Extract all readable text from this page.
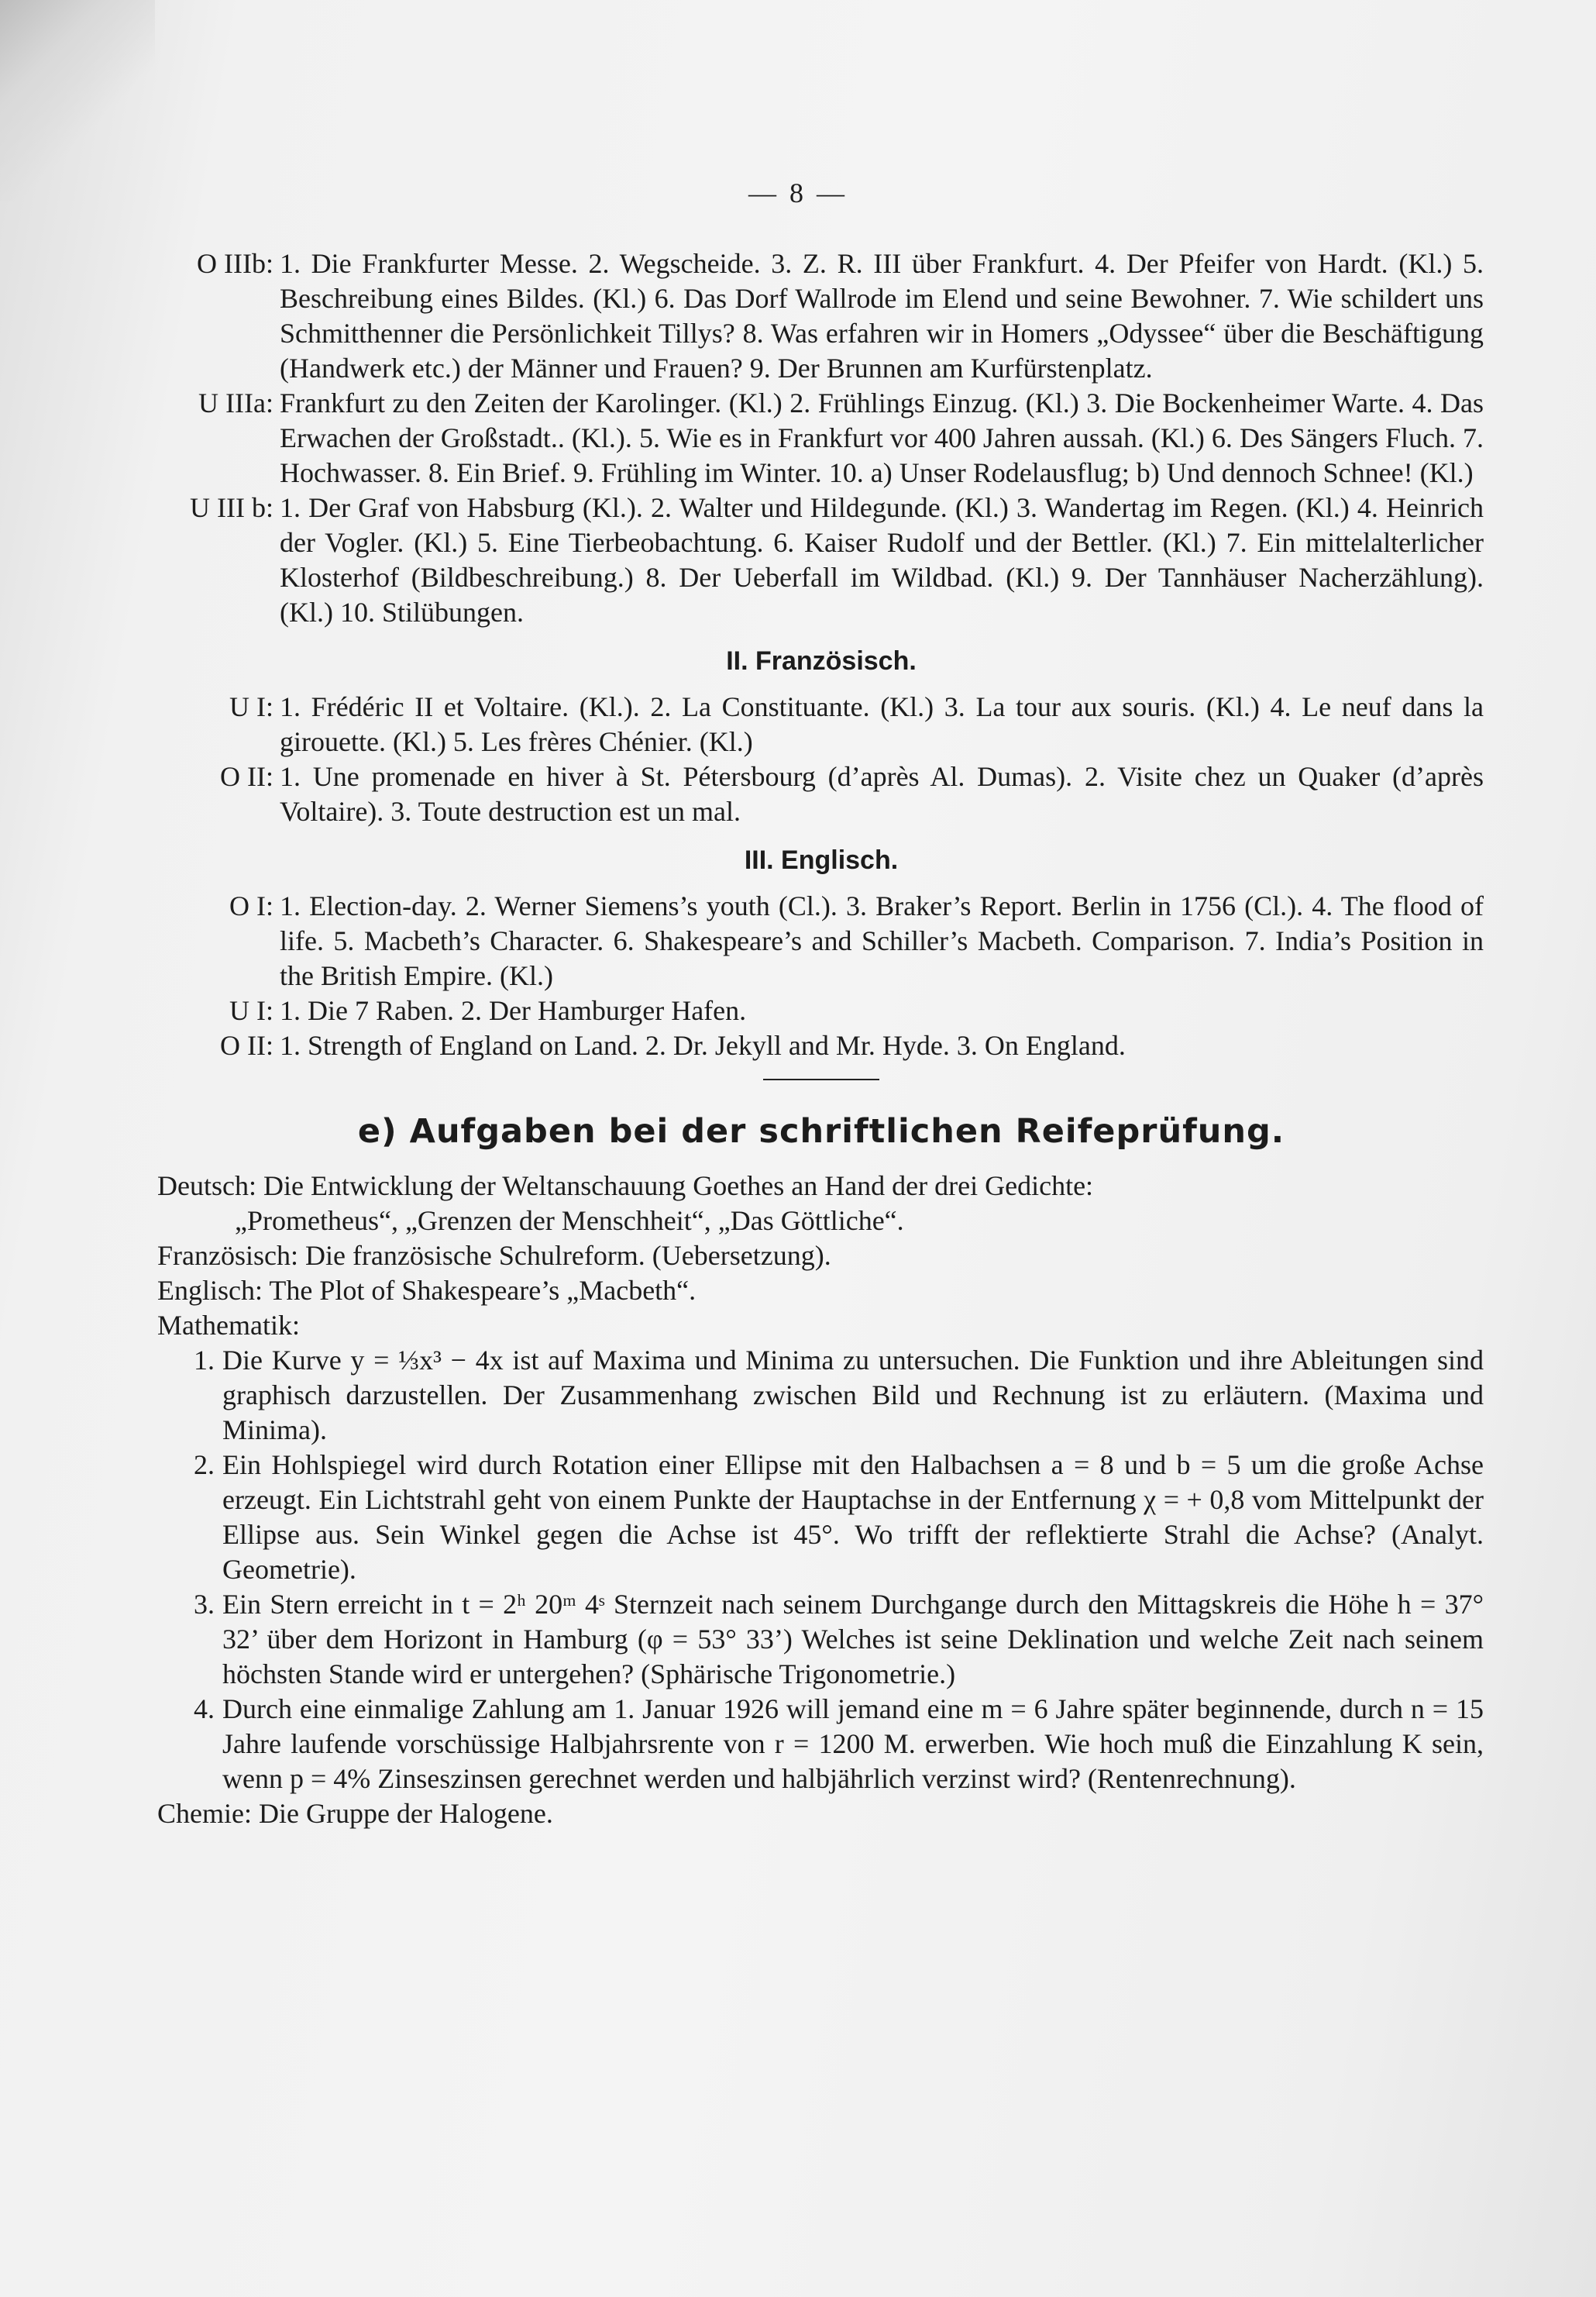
— 8 —
O IIIb: 1. Die Frankfurter Messe. 2. Wegscheide. 3. Z. R. III über Frankfurt. 4. Der Pfeifer von Hardt. (Kl.) 5. Beschreibung eines Bildes. (Kl.) 6. Das Dorf Wallrode im Elend und seine Bewohner. 7. Wie schildert uns Schmitthenner die Persönlichkeit Tillys? 8. Was erfahren wir in Homers „Odyssee“ über die Beschäftigung (Handwerk etc.) der Männer und Frauen? 9. Der Brunnen am Kurfürstenplatz.
U IIIa: Frankfurt zu den Zeiten der Karolinger. (Kl.) 2. Frühlings Einzug. (Kl.) 3. Die Bockenheimer Warte. 4. Das Erwachen der Großstadt.. (Kl.). 5. Wie es in Frankfurt vor 400 Jahren aussah. (Kl.) 6. Des Sängers Fluch. 7. Hochwasser. 8. Ein Brief. 9. Frühling im Winter. 10. a) Unser Rodelausflug; b) Und dennoch Schnee! (Kl.)
U III b: 1. Der Graf von Habsburg (Kl.). 2. Walter und Hildegunde. (Kl.) 3. Wandertag im Regen. (Kl.) 4. Heinrich der Vogler. (Kl.) 5. Eine Tierbeobachtung. 6. Kaiser Rudolf und der Bettler. (Kl.) 7. Ein mittelalterlicher Klosterhof (Bildbeschreibung.) 8. Der Ueberfall im Wildbad. (Kl.) 9. Der Tannhäuser Nacherzählung). (Kl.) 10. Stilübungen.
II. Französisch.
U I: 1. Frédéric II et Voltaire. (Kl.). 2. La Constituante. (Kl.) 3. La tour aux souris. (Kl.) 4. Le neuf dans la girouette. (Kl.) 5. Les frères Chénier. (Kl.)
O II: 1. Une promenade en hiver à St. Pétersbourg (d’après Al. Dumas). 2. Visite chez un Quaker (d’après Voltaire). 3. Toute destruction est un mal.
III. Englisch.
O I: 1. Election-day. 2. Werner Siemens’s youth (Cl.). 3. Braker’s Report. Berlin in 1756 (Cl.). 4. The flood of life. 5. Macbeth’s Character. 6. Shakespeare’s and Schiller’s Macbeth. Comparison. 7. India’s Position in the British Empire. (Kl.)
U I: 1. Die 7 Raben. 2. Der Hamburger Hafen.
O II: 1. Strength of England on Land. 2. Dr. Jekyll and Mr. Hyde. 3. On England.
e) Aufgaben bei der schriftlichen Reifeprüfung.

Deutsch: Die Entwicklung der Weltanschauung Goethes an Hand der drei Gedichte:

„Prometheus“, „Grenzen der Menschheit“, „Das Göttliche“.

Französisch: Die französische Schulreform. (Uebersetzung).

Englisch: The Plot of Shakespeare’s „Macbeth“.

Mathematik:

1. Die Kurve y = ⅓x³ − 4x ist auf Maxima und Minima zu untersuchen. Die Funktion und ihre Ableitungen sind graphisch darzustellen. Der Zusammenhang zwischen Bild und Rechnung ist zu erläutern. (Maxima und Minima).
2. Ein Hohlspiegel wird durch Rotation einer Ellipse mit den Halbachsen a = 8 und b = 5 um die große Achse erzeugt. Ein Lichtstrahl geht von einem Punkte der Hauptachse in der Entfernung χ = + 0,8 vom Mittelpunkt der Ellipse aus. Sein Winkel gegen die Achse ist 45°. Wo trifft der reflektierte Strahl die Achse? (Analyt. Geometrie).
3. Ein Stern erreicht in t = 2ʰ 20ᵐ 4ˢ Sternzeit nach seinem Durchgange durch den Mittagskreis die Höhe h = 37° 32’ über dem Horizont in Hamburg (φ = 53° 33’) Welches ist seine Deklination und welche Zeit nach seinem höchsten Stande wird er untergehen? (Sphärische Trigonometrie.)
4. Durch eine einmalige Zahlung am 1. Januar 1926 will jemand eine m = 6 Jahre später beginnende, durch n = 15 Jahre laufende vorschüssige Halbjahrsrente von r = 1200 M. erwerben. Wie hoch muß die Einzahlung K sein, wenn p = 4% Zinseszinsen gerechnet werden und halbjährlich verzinst wird? (Rentenrechnung).

Chemie: Die Gruppe der Halogene.
